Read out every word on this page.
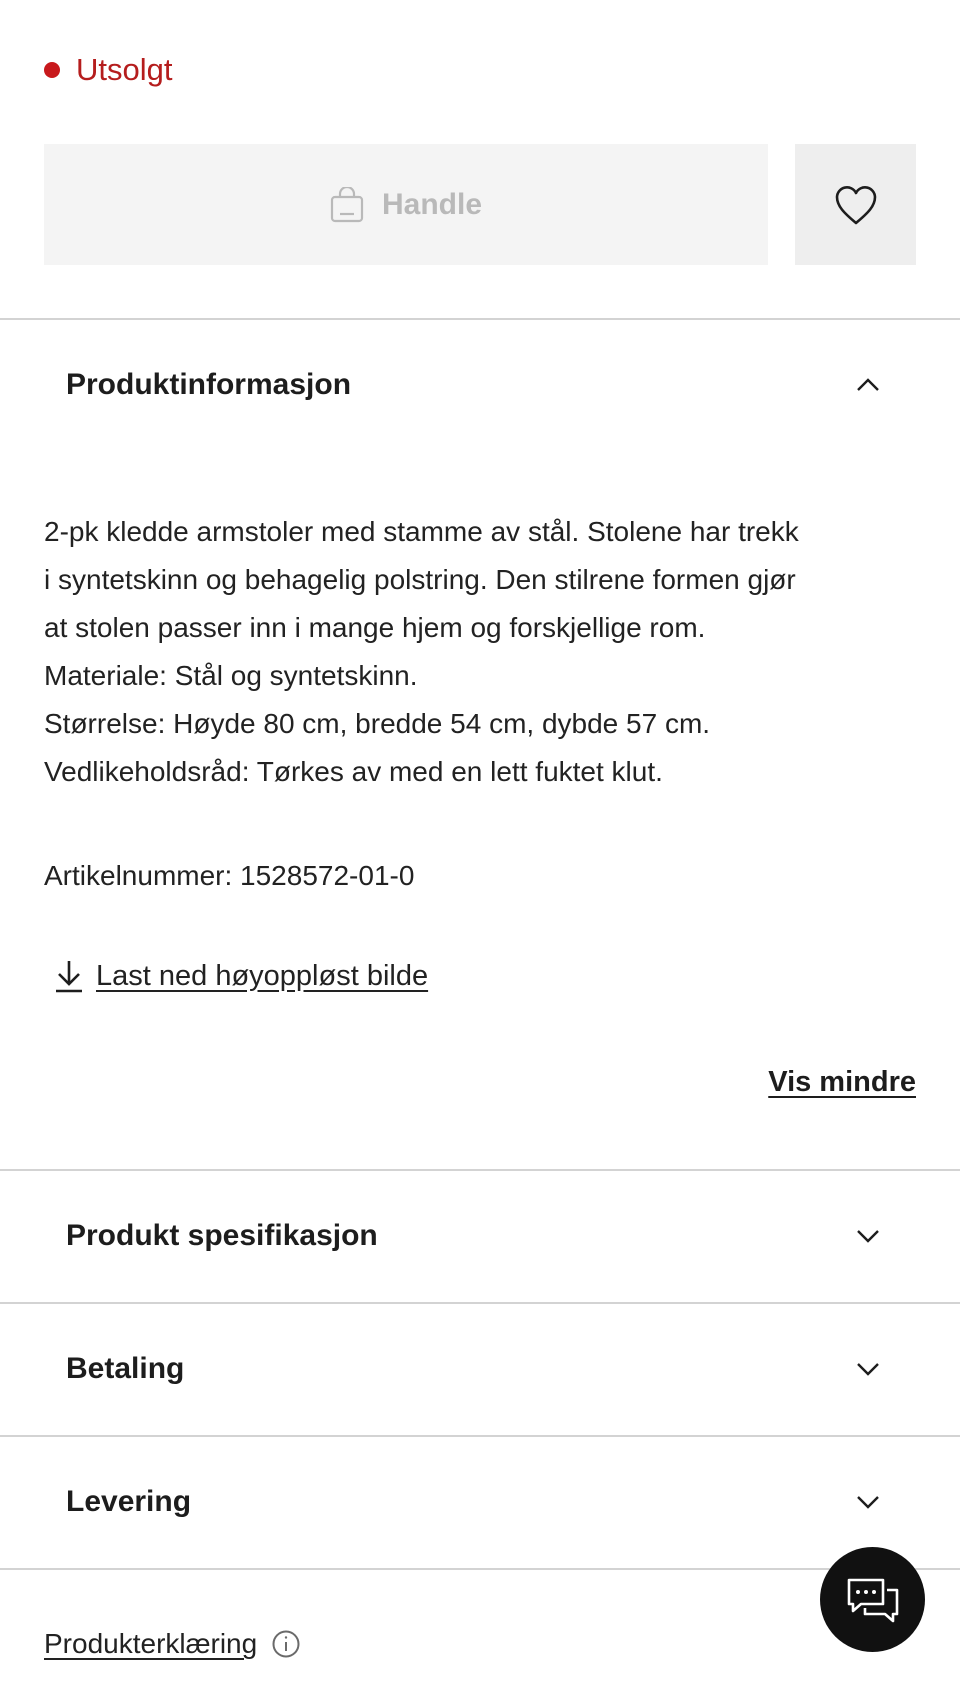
Utsolgt
Handle
Produktinformasjon

2-pk kledde armstoler med stamme av stål. Stolene har trekk

i syntetskinn og behagelig polstring. Den stilrene formen gjør

at stolen passer inn i mange hjem og forskjellige rom.

Materiale: Stål og syntetskinn.

Størrelse: Høyde 80 cm, bredde 54 cm, dybde 57 cm.

Vedlikeholdsråd: Tørkes av med en lett fuktet klut.

Artikelnummer: 1528572-01-0
Last ned høyoppløst bilde
Vis mindre
Produkt spesifikasjon
Betaling
Levering
Produkterklæring
